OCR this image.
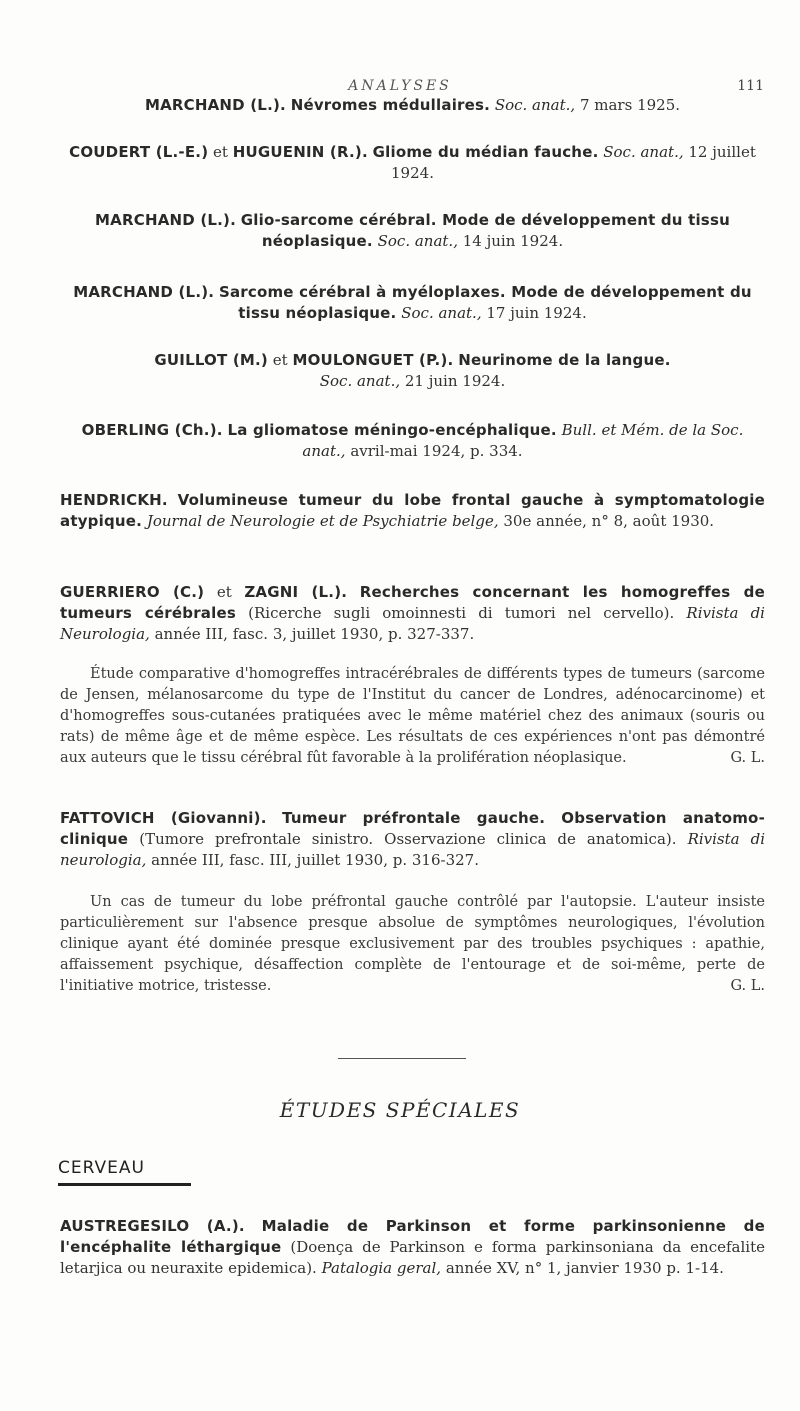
ANALYSES	111
MARCHAND (L.). Névromes médullaires. Soc. anat., 7 mars 1925.
COUDERT (L.-E.) et HUGUENIN (R.). Gliome du médian fauche. Soc. anat., 12 juillet 1924.
MARCHAND (L.). Glio-sarcome cérébral. Mode de développement du tissu néoplasique. Soc. anat., 14 juin 1924.
MARCHAND (L.). Sarcome cérébral à myéloplaxes. Mode de développement du tissu néoplasique. Soc. anat., 17 juin 1924.
GUILLOT (M.) et MOULONGUET (P.). Neurinome de la langue.
Soc. anat., 21 juin 1924.
OBERLING (Ch.). La gliomatose méningo-encéphalique. Bull. et Mém. de la Soc. anat., avril-mai 1924, p. 334.
HENDRICKH. Volumineuse tumeur du lobe frontal gauche à symptomatologie atypique. Journal de Neurologie et de Psychiatrie belge, 30e année, n° 8, août 1930.
GUERRIERO (C.) et ZAGNI (L.). Recherches concernant les homogreffes de tumeurs cérébrales (Ricerche sugli omoinnesti di tumori nel cervello). Rivista di Neurologia, année III, fasc. 3, juillet 1930, p. 327-337.
Étude comparative d'homogreffes intracérébrales de différents types de tumeurs (sarcome de Jensen, mélanosarcome du type de l'Institut du cancer de Londres, adénocarcinome) et d'homogreffes sous-cutanées pratiquées avec le même matériel chez des animaux (souris ou rats) de même âge et de même espèce. Les résultats de ces expériences n'ont pas démontré aux auteurs que le tissu cérébral fût favorable à la prolifération néoplasique.	G. L.
FATTOVICH (Giovanni). Tumeur préfrontale gauche. Observation anatomo-clinique (Tumore prefrontale sinistro. Osservazione clinica de anatomica). Rivista di neurologia, année III, fasc. III, juillet 1930, p. 316-327.
Un cas de tumeur du lobe préfrontal gauche contrôlé par l'autopsie. L'auteur insiste particulièrement sur l'absence presque absolue de symptômes neurologiques, l'évolution clinique ayant été dominée presque exclusivement par des troubles psychiques : apathie, affaissement psychique, désaffection complète de l'entourage et de soi-même, perte de l'initiative motrice, tristesse.	G. L.
ÉTUDES SPÉCIALES
CERVEAU
AUSTREGESILO (A.). Maladie de Parkinson et forme parkinsonienne de l'encéphalite léthargique (Doença de Parkinson e forma parkinsoniana da encefalite letarjica ou neuraxite epidemica). Patalogia geral, année XV, n° 1, janvier 1930 p. 1-14.
